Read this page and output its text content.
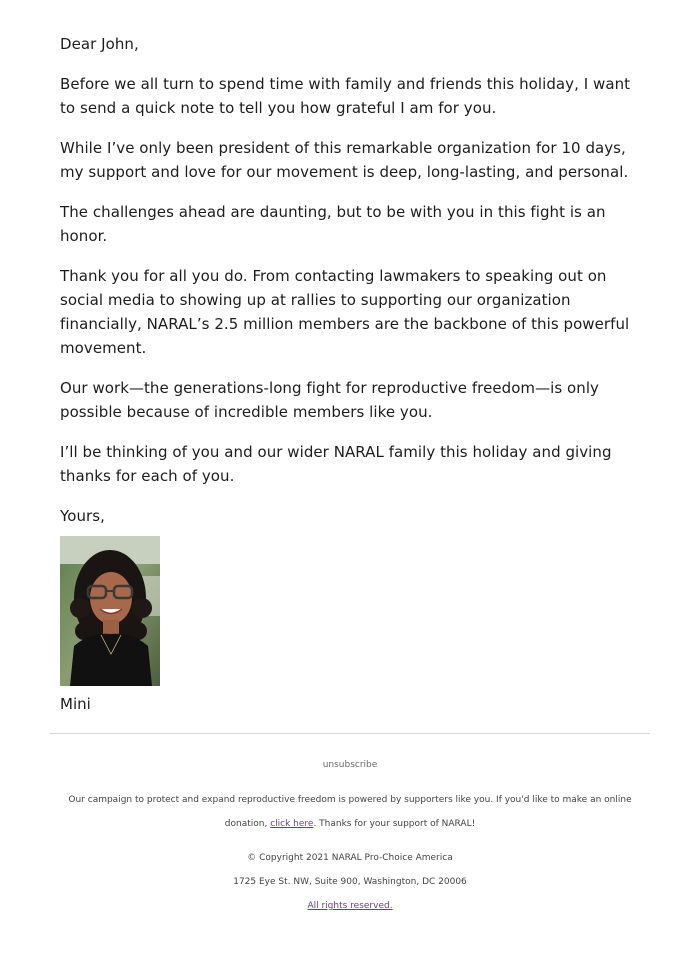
Dear John,

Before we all turn to spend time with family and friends this holiday, I want to send a quick note to tell you how grateful I am for you.

While I’ve only been president of this remarkable organization for 10 days, my support and love for our movement is deep, long-lasting, and personal.

The challenges ahead are daunting, but to be with you in this fight is an honor.

Thank you for all you do. From contacting lawmakers to speaking out on social media to showing up at rallies to supporting our organization financially, NARAL’s 2.5 million members are the backbone of this powerful movement.

Our work—the generations-long fight for reproductive freedom—is only possible because of incredible members like you.

I’ll be thinking of you and our wider NARAL family this holiday and giving thanks for each of you.

Yours,

Mini

unsubscribe
Our campaign to protect and expand reproductive freedom is powered by supporters like you. If you'd like to make an online donation, click here. Thanks for your support of NARAL!
© Copyright 2021 NARAL Pro-Choice America
1725 Eye St. NW, Suite 900, Washington, DC 20006
All rights reserved.
